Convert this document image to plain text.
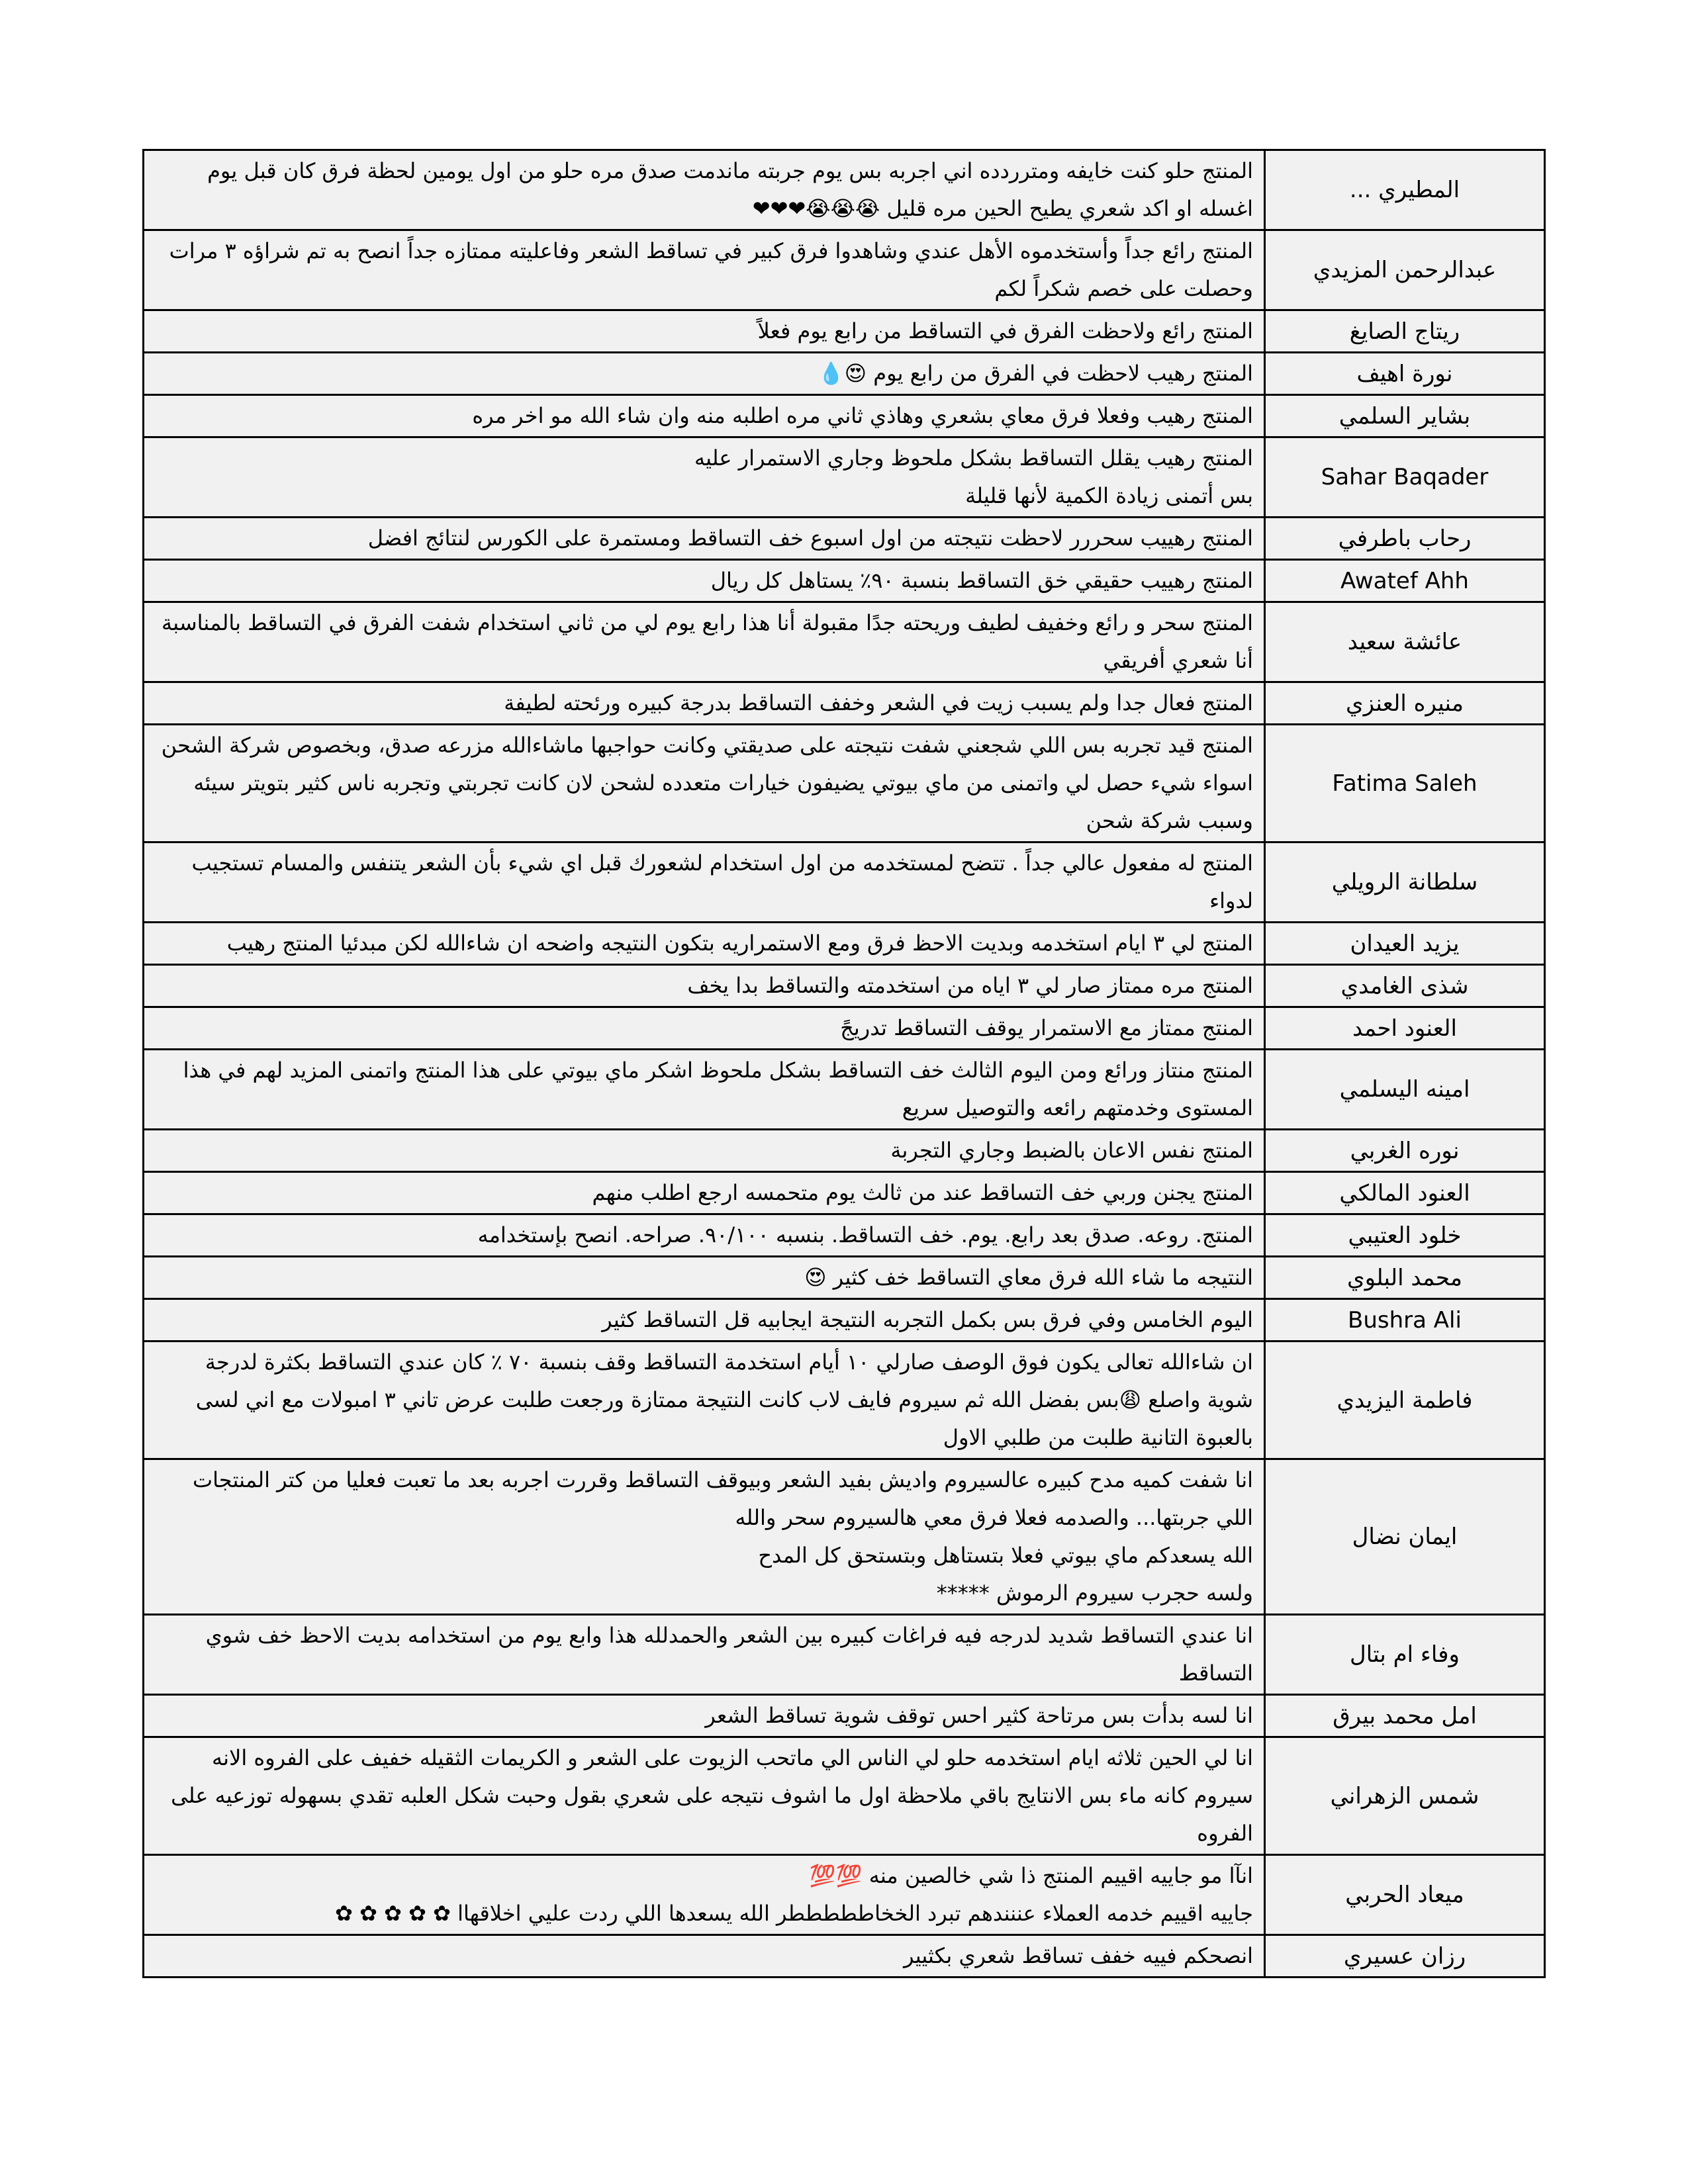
المطيري ...	المنتج حلو كنت خايفه ومترردده اني اجربه بس يوم جربته ماندمت صدق مره حلو من اول يومين لحظة فرق كان قبل يوم اغسله او اكد شعري يطيح الحين مره قليل 😭😭😭❤❤❤
عبدالرحمن المزيدي	المنتج رائع جداً وأستخدموه الأهل عندي وشاهدوا فرق كبير في تساقط الشعر وفاعليته ممتازه جداً انصح به تم شراؤه ٣ مرات وحصلت على خصم شكراً لكم
ريتاج الصايغ	المنتج رائع ولاحظت الفرق في التساقط من رابع يوم فعلاً
نورة اهيف	المنتج رهيب لاحظت في الفرق من رابع يوم 😍💧
بشاير السلمي	المنتج رهيب وفعلا فرق معاي بشعري وهاذي ثاني مره اطلبه منه وان شاء الله مو اخر مره
Sahar Baqader	المنتج رهيب يقلل التساقط بشكل ملحوظ وجاري الاستمرار عليه
بس أتمنى زيادة الكمية لأنها قليلة
رحاب باطرفي	المنتج رهييب سحررر لاحظت نتيجته من اول اسبوع خف التساقط ومستمرة على الكورس لنتائج افضل
Awatef Ahh	المنتج رهييب حقيقي خق التساقط بنسبة ٩٠٪ يستاهل كل ريال
عائشة سعيد	المنتج سحر و رائع وخفيف لطيف وريحته جدًا مقبولة أنا هذا رابع يوم لي من ثاني استخدام شفت الفرق في التساقط بالمناسبة أنا شعري أفريقي
منيره العنزي	المنتج فعال جدا ولم يسبب زيت في الشعر وخفف التساقط بدرجة كبيره ورئحته لطيفة
Fatima Saleh	المنتج قيد تجربه بس اللي شجعني شفت نتيجته على صديقتي وكانت حواجبها ماشاءالله مزرعه صدق، وبخصوص شركة الشحن اسواء شيء حصل لي واتمنى من ماي بيوتي يضيفون خيارات متعدده لشحن لان كانت تجربتي وتجربه ناس كثير بتويتر سيئه وسبب شركة شحن
سلطانة الرويلي	المنتج له مفعول عالي جداً . تتضح لمستخدمه من اول استخدام لشعورك قبل اي شيء بأن الشعر يتنفس والمسام تستجيب لدواء
يزيد العيدان	المنتج لي ٣ ايام استخدمه وبديت الاحظ فرق ومع الاستمراريه بتكون النتيجه واضحه ان شاءالله لكن مبدئيا المنتج رهيب
شذى الغامدي	المنتج مره ممتاز صار لي ٣ اياه من استخدمته والتساقط بدا يخف
العنود احمد	المنتج ممتاز مع الاستمرار يوقف التساقط تدريجً
امينه اليسلمي	المنتج منتاز ورائع ومن اليوم الثالث خف التساقط بشكل ملحوظ اشكر ماي بيوتي على هذا المنتج واتمنى المزيد لهم في هذا المستوى وخدمتهم رائعه والتوصيل سريع
نوره الغربي	المنتج نفس الاعان بالضبط وجاري التجربة
العنود المالكي	المنتج يجنن وربي خف التساقط عند من ثالث يوم متحمسه ارجع اطلب منهم
خلود العتيبي	المنتج. روعه. صدق بعد رابع. يوم. خف التساقط. بنسبه ٩٠/١٠٠. صراحه. انصح بإستخدامه
محمد البلوي	النتيجه ما شاء الله فرق معاي التساقط خف كثير 😍
Bushra Ali	اليوم الخامس وفي فرق بس بكمل التجربه النتيجة ايجابيه قل التساقط كثير
فاطمة اليزيدي	ان شاءالله تعالى يكون فوق الوصف صارلي ١٠ أيام استخدمة التساقط وقف بنسبة ٧٠ ٪ كان عندي التساقط بكثرة لدرجة شوية واصلع 😩بس بفضل الله ثم سيروم فايف لاب كانت النتيجة ممتازة ورجعت طلبت عرض تاني ٣ امبولات مع اني لسى بالعبوة التانية طلبت من طلبي الاول
ايمان نضال	انا شفت كميه مدح كبيره عالسيروم واديش بفيد الشعر وبيوقف التساقط وقررت اجربه بعد ما تعبت فعليا من كتر المنتجات اللي جربتها... والصدمه فعلا فرق معي هالسيروم سحر والله
الله يسعدكم ماي بيوتي فعلا بتستاهل وبتستحق كل المدح
ولسه حجرب سيروم الرموش *****
وفاء ام بتال	انا عندي التساقط شديد لدرجه فيه فراغات كبيره بين الشعر والحمدلله هذا وابع يوم من استخدامه بديت الاحظ خف شوي التساقط
امل محمد بيرق	انا لسه بدأت بس مرتاحة كثير احس توقف شوية تساقط الشعر
شمس الزهراني	انا لي الحين ثلاثه ايام استخدمه حلو لي الناس الي ماتحب الزيوت على الشعر و الكريمات الثقيله خفيف على الفروه الانه سيروم كانه ماء بس الانتايج باقي ملاحظة اول ما اشوف نتيجه على شعري بقول وحبت شكل العلبه تقدي بسهوله توزعيه على الفروه
ميعاد الحربي	انآا مو جاييه اقييم المنتج ذا شي خالصين منه 💯💯
جاييه اقييم خدمه العملاء عننندهم تبرد الخخاطططططر الله يسعدها اللي ردت عليي اخلاقهاا ✿ ✿ ✿ ✿ ✿
رزان عسيري	انصحكم فييه خفف تساقط شعري بكثيير
